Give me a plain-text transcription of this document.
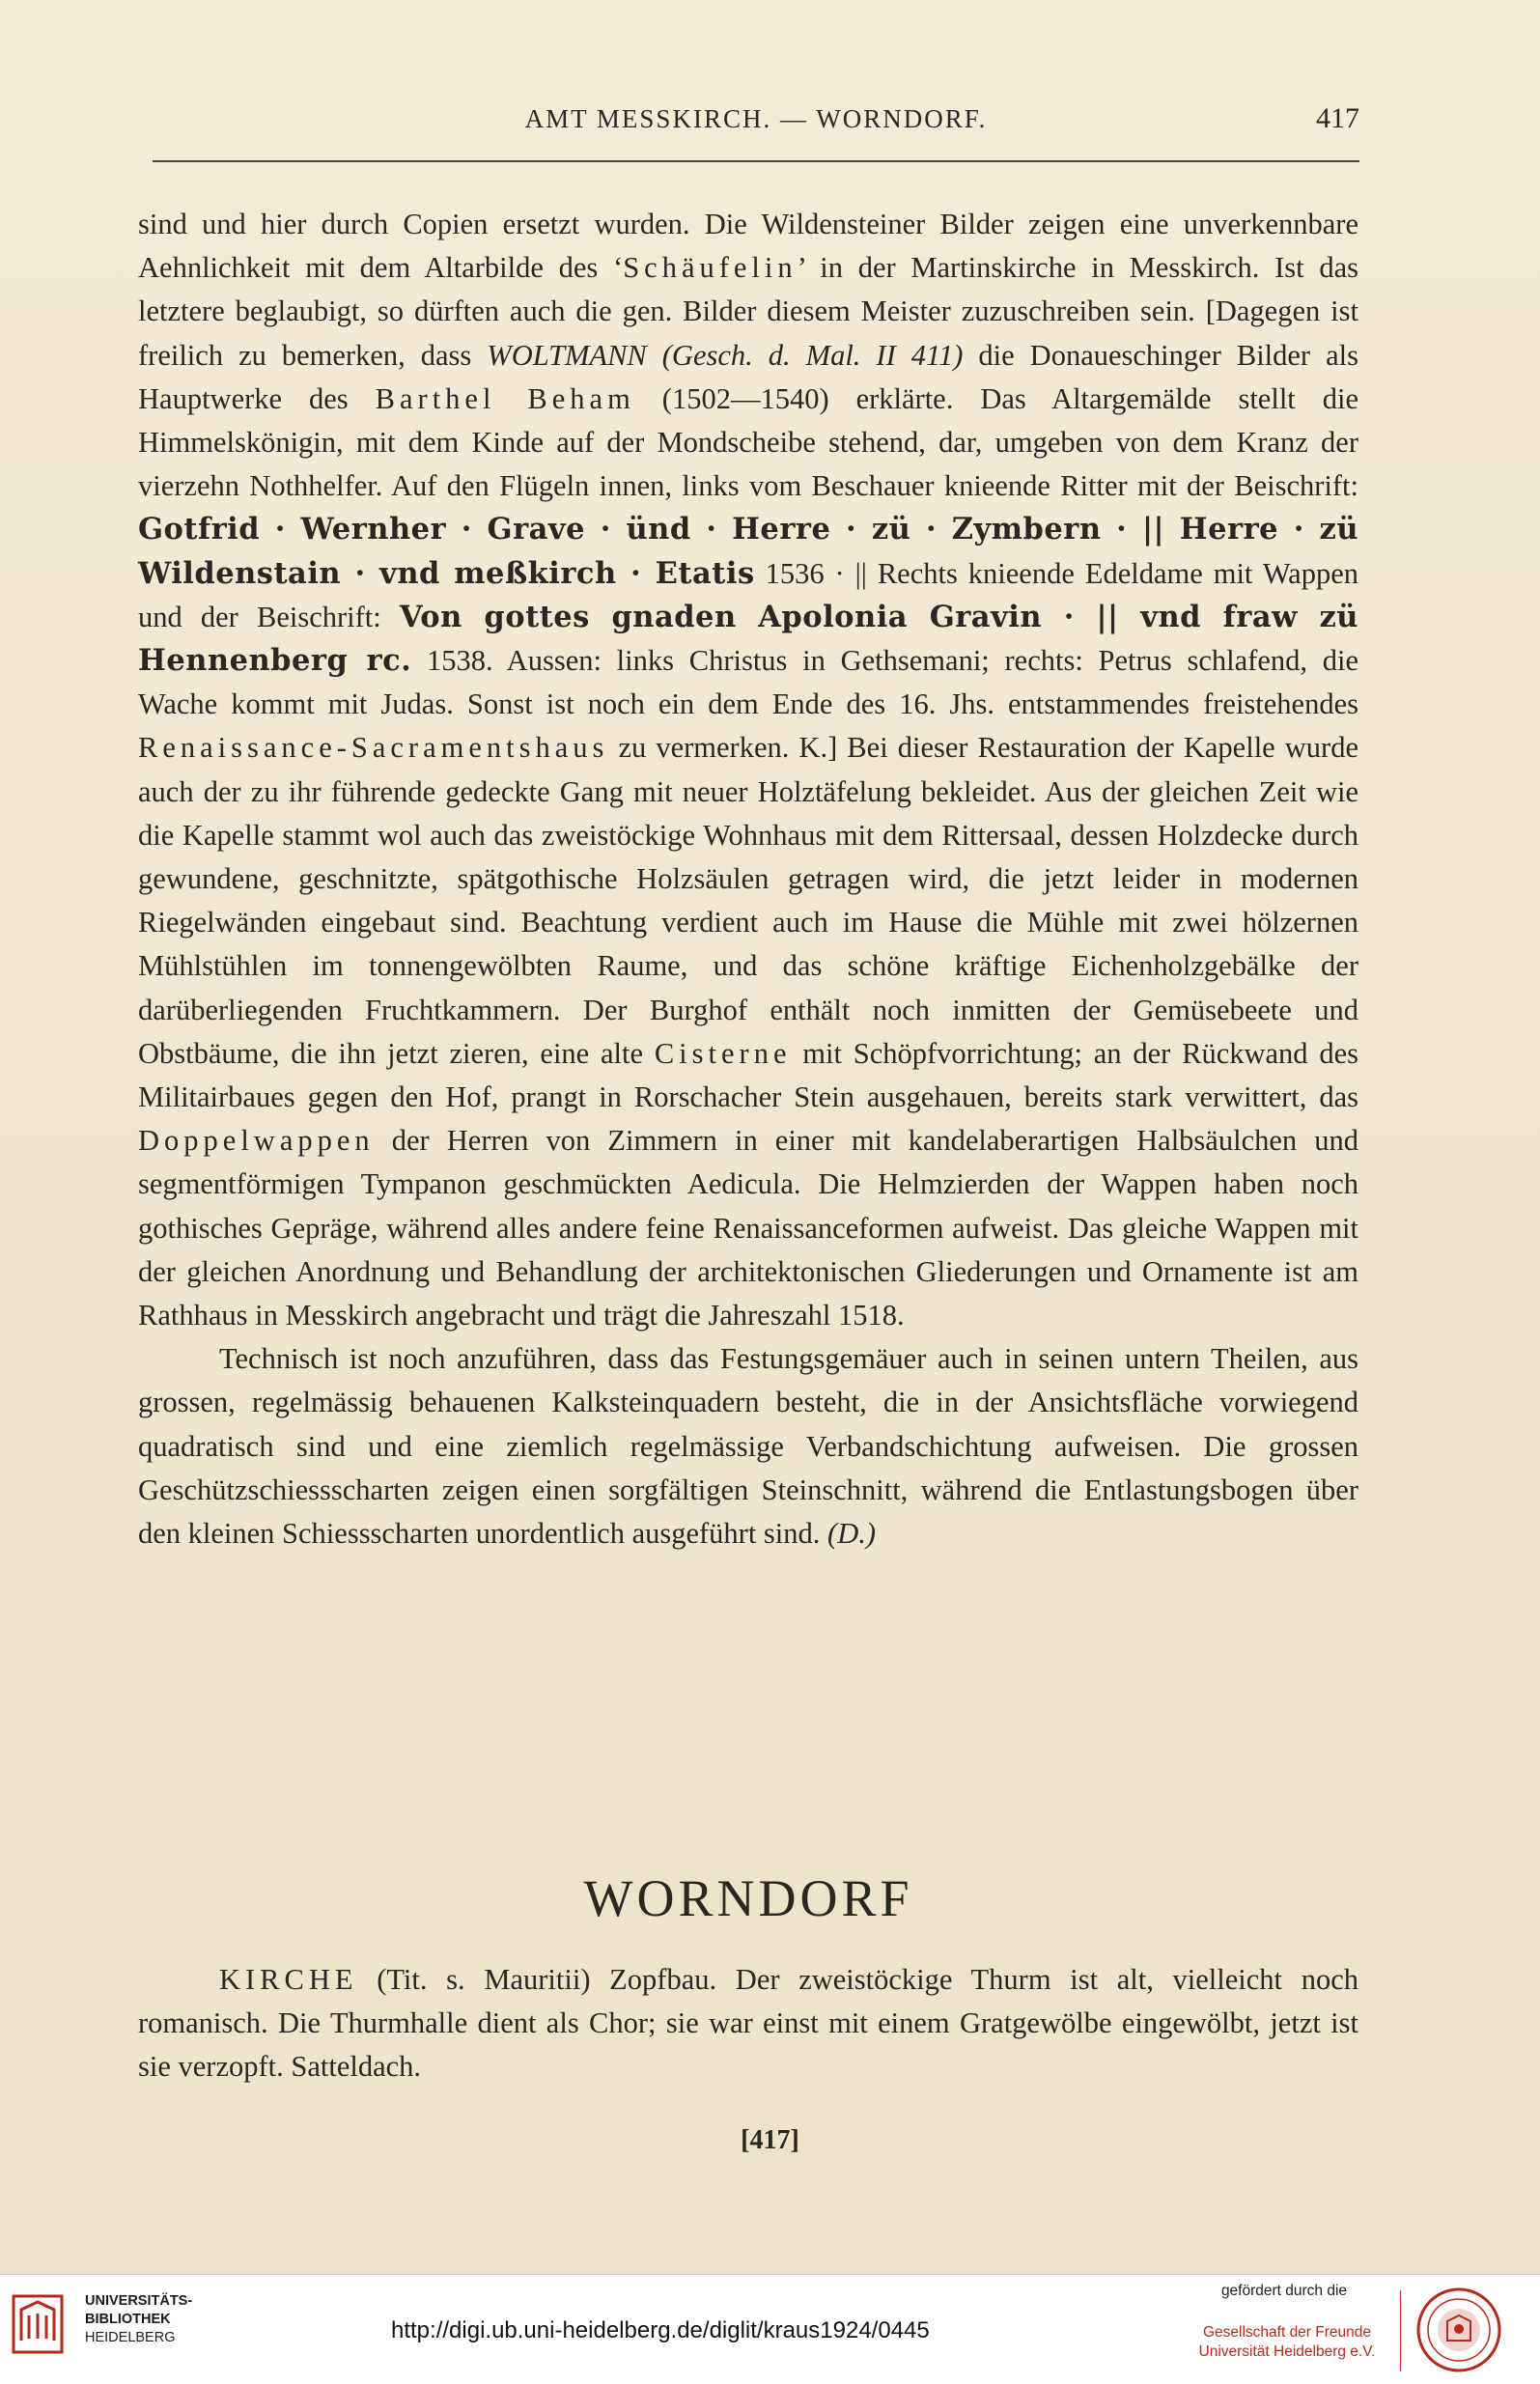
AMT MESSKIRCH. — WORNDORF.	417

sind und hier durch Copien ersetzt wurden. Die Wildensteiner Bilder zeigen eine unverkennbare Aehnlichkeit mit dem Altarbilde des ‘Schäufelin’ in der Martinskirche in Messkirch. Ist das letztere beglaubigt, so dürften auch die gen. Bilder diesem Meister zuzuschreiben sein. [Dagegen ist freilich zu bemerken, dass WOLTMANN (Gesch. d. Mal. II 411) die Donaueschinger Bilder als Hauptwerke des Barthel Beham (1502—1540) erklärte. Das Altargemälde stellt die Himmelskönigin, mit dem Kinde auf der Mondscheibe stehend, dar, umgeben von dem Kranz der vierzehn Nothhelfer. Auf den Flügeln innen, links vom Beschauer knieende Ritter mit der Beischrift: Gotfrid · Wernher · Grave · ünd · Herre · zü · Zymbern · || Herre · zü Wildenstain · vnd meßkirch · Etatis 1536 · || Rechts knieende Edeldame mit Wappen und der Beischrift: Von gottes gnaden Apolonia Gravin · || vnd fraw zü Hennenberg rc. 1538. Aussen: links Christus in Gethsemani; rechts: Petrus schlafend, die Wache kommt mit Judas. Sonst ist noch ein dem Ende des 16. Jhs. entstammendes freistehendes Renaissance-Sacramentshaus zu vermerken. K.] Bei dieser Restauration der Kapelle wurde auch der zu ihr führende gedeckte Gang mit neuer Holztäfelung bekleidet. Aus der gleichen Zeit wie die Kapelle stammt wol auch das zweistöckige Wohnhaus mit dem Rittersaal, dessen Holzdecke durch gewundene, geschnitzte, spätgothische Holzsäulen getragen wird, die jetzt leider in modernen Riegelwänden eingebaut sind. Beachtung verdient auch im Hause die Mühle mit zwei hölzernen Mühlstühlen im tonnengewölbten Raume, und das schöne kräftige Eichenholzgebälke der darüberliegenden Fruchtkammern. Der Burghof enthält noch inmitten der Gemüsebeete und Obstbäume, die ihn jetzt zieren, eine alte Cisterne mit Schöpfvorrichtung; an der Rückwand des Militairbaues gegen den Hof, prangt in Rorschacher Stein ausgehauen, bereits stark verwittert, das Doppelwappen der Herren von Zimmern in einer mit kandelaberartigen Halbsäulchen und segmentförmigen Tympanon geschmückten Aedicula. Die Helmzierden der Wappen haben noch gothisches Gepräge, während alles andere feine Renaissanceformen aufweist. Das gleiche Wappen mit der gleichen Anordnung und Behandlung der architektonischen Gliederungen und Ornamente ist am Rathhaus in Messkirch angebracht und trägt die Jahreszahl 1518.

Technisch ist noch anzuführen, dass das Festungsgemäuer auch in seinen untern Theilen, aus grossen, regelmässig behauenen Kalksteinquadern besteht, die in der Ansichtsfläche vorwiegend quadratisch sind und eine ziemlich regelmässige Verbandschichtung aufweisen. Die grossen Geschützschiessscharten zeigen einen sorgfältigen Steinschnitt, während die Entlastungsbogen über den kleinen Schiessscharten unordentlich ausgeführt sind. (D.)

WORNDORF

KIRCHE (Tit. s. Mauritii) Zopfbau. Der zweistöckige Thurm ist alt, vielleicht noch romanisch. Die Thurmhalle dient als Chor; sie war einst mit einem Gratgewölbe eingewölbt, jetzt ist sie verzopft. Satteldach.

[417]
UNIVERSITÄTS-
BIBLIOTHEK
HEIDELBERG	http://digi.ub.uni-heidelberg.de/diglit/kraus1924/0445
gefördert durch die
Gesellschaft der Freunde
Universität Heidelberg e.V.
